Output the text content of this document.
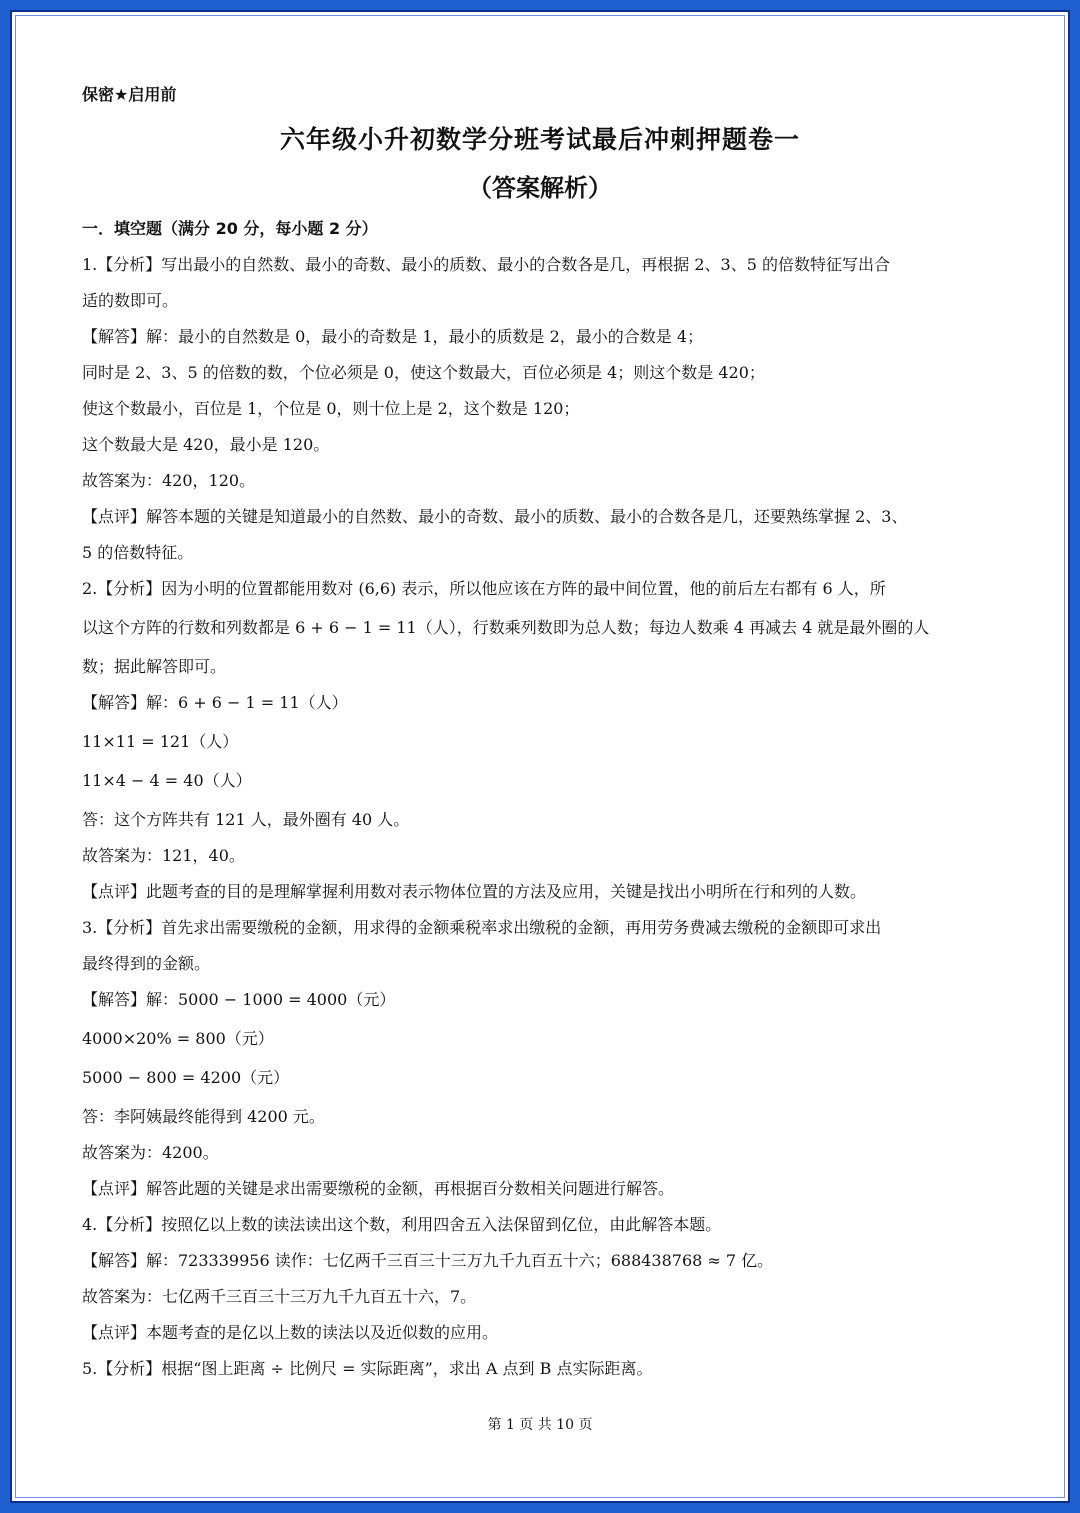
保密★启用前
六年级小升初数学分班考试最后冲刺押题卷一
（答案解析）
一．填空题（满分 20 分，每小题 2 分）
1.【分析】写出最小的自然数、最小的奇数、最小的质数、最小的合数各是几，再根据 2、3、5 的倍数特征写出合
适的数即可。
【解答】解：最小的自然数是 0，最小的奇数是 1，最小的质数是 2，最小的合数是 4；
同时是 2、3、5 的倍数的数，个位必须是 0，使这个数最大，百位必须是 4；则这个数是 420；
使这个数最小，百位是 1，个位是 0，则十位上是 2，这个数是 120；
这个数最大是 420，最小是 120。
故答案为：420，120。
【点评】解答本题的关键是知道最小的自然数、最小的奇数、最小的质数、最小的合数各是几，还要熟练掌握 2、3、
5 的倍数特征。
2.【分析】因为小明的位置都能用数对 (6,6) 表示，所以他应该在方阵的最中间位置，他的前后左右都有 6 人，所
以这个方阵的行数和列数都是 6 + 6 − 1 = 11（人），行数乘列数即为总人数；每边人数乘 4 再减去 4 就是最外圈的人
数；据此解答即可。
【解答】解：6 + 6 − 1 = 11（人）
11×11 = 121（人）
11×4 − 4 = 40（人）
答：这个方阵共有 121 人，最外圈有 40 人。
故答案为：121，40。
【点评】此题考查的目的是理解掌握利用数对表示物体位置的方法及应用，关键是找出小明所在行和列的人数。
3.【分析】首先求出需要缴税的金额，用求得的金额乘税率求出缴税的金额，再用劳务费减去缴税的金额即可求出
最终得到的金额。
【解答】解：5000 − 1000 = 4000（元）
4000×20% = 800（元）
5000 − 800 = 4200（元）
答：李阿姨最终能得到 4200 元。
故答案为：4200。
【点评】解答此题的关键是求出需要缴税的金额，再根据百分数相关问题进行解答。
4.【分析】按照亿以上数的读法读出这个数，利用四舍五入法保留到亿位，由此解答本题。
【解答】解：723339956 读作：七亿两千三百三十三万九千九百五十六；688438768 ≈ 7 亿。
故答案为：七亿两千三百三十三万九千九百五十六，7。
【点评】本题考查的是亿以上数的读法以及近似数的应用。
5.【分析】根据“图上距离 ÷ 比例尺 = 实际距离”，求出 A 点到 B 点实际距离。
第 1 页 共 10 页
